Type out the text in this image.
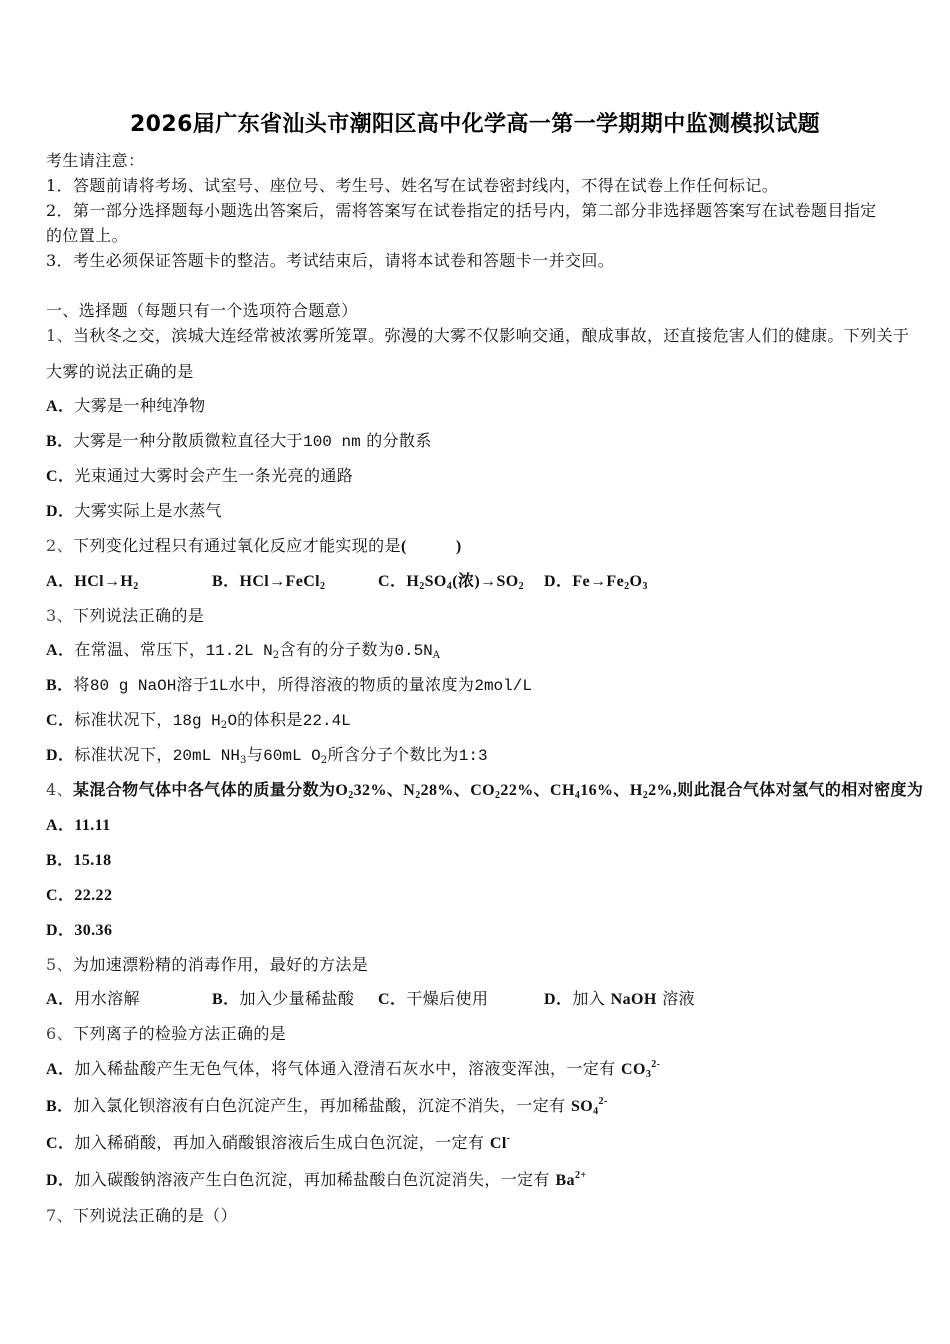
2026届广东省汕头市潮阳区高中化学高一第一学期期中监测模拟试题
考生请注意：
1．答题前请将考场、试室号、座位号、考生号、姓名写在试卷密封线内，不得在试卷上作任何标记。
2．第一部分选择题每小题选出答案后，需将答案写在试卷指定的括号内，第二部分非选择题答案写在试卷题目指定
的位置上。
3．考生必须保证答题卡的整洁。考试结束后，请将本试卷和答题卡一并交回。
一、选择题（每题只有一个选项符合题意）
1、当秋冬之交，滨城大连经常被浓雾所笼罩。弥漫的大雾不仅影响交通，酿成事故，还直接危害人们的健康。下列关于
大雾的说法正确的是
A．大雾是一种纯净物
B．大雾是一种分散质微粒直径大于100 nm 的分散系
C．光束通过大雾时会产生一条光亮的通路
D．大雾实际上是水蒸气
2、下列变化过程只有通过氧化反应才能实现的是(　　　)
A．$HCl\to H_2$	B．HCl→FeCl$_2$	C．$H_2SO_4$(浓)$\to SO_2$	D．$Fe\to Fe_2O_3$
3、下列说法正确的是
A．在常温、常压下，11.2L $N_2$含有的分子数为$0.5N_A$
B．将80 g NaOH溶于1L水中，所得溶液的物质的量浓度为2mol/L
C．标准状况下，18g $H_2O$的体积是22.4L
D．标准状况下，20mL $NH_3$与60mL $O_2$所含分子个数比为1:3
4、某混合物气体中各气体的质量分数为$O_232\%$、$N_228\%$、$CO_222\%$、$CH_416\%$、$H_22\%$,则此混合气体对氢气的相对密度为
A．11.11
B．15.18
C．22.22
D．30.36
5、为加速漂粉精的消毒作用，最好的方法是
A．用水溶解	B．加入少量稀盐酸	C．干燥后使用	D．加入 NaOH 溶液
6、下列离子的检验方法正确的是
A．加入稀盐酸产生无色气体，将气体通入澄清石灰水中，溶液变浑浊，一定有 $CO_3^{2-}$
B．加入氯化钡溶液有白色沉淀产生，再加稀盐酸，沉淀不消失，一定有 $SO_4^{2-}$
C．加入稀硝酸，再加入硝酸银溶液后生成白色沉淀，一定有 Cl-
D．加入碳酸钠溶液产生白色沉淀，再加稀盐酸白色沉淀消失，一定有 $Ba^{2+}$
7、下列说法正确的是（）
